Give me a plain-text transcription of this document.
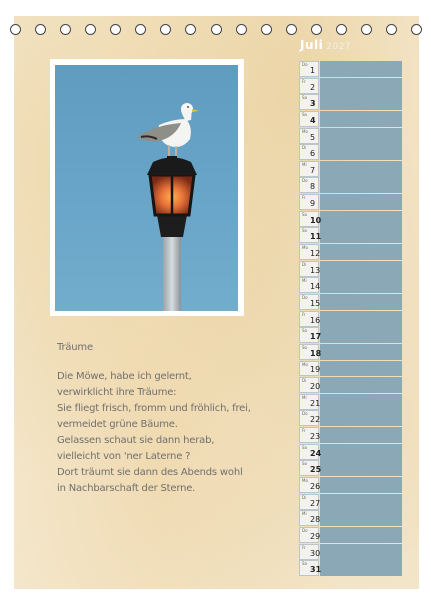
Juli 2027
Do
1
Fr
2
Sa
3
So
4
Mo
5
Di
6
Mi
7
Do
8
Fr
9
Sa
10
So
11
Mo
12
Di
13
Mi
14
Do
15
Fr
16
Sa
17
So
18
Mo
19
Di
20
Mi
21
Do
22
Fr
23
Sa
24
So
25
Mo
26
Di
27
Mi
28
Do
29
Fr
30
Sa
31
Träume
Die Möwe, habe ich gelernt,
verwirklicht ihre Träume:
Sie fliegt frisch, fromm und fröhlich, frei,
vermeidet grüne Bäume.
Gelassen schaut sie dann herab,
vielleicht von 'ner Laterne ?
Dort träumt sie dann des Abends wohl
in Nachbarschaft der Sterne.
